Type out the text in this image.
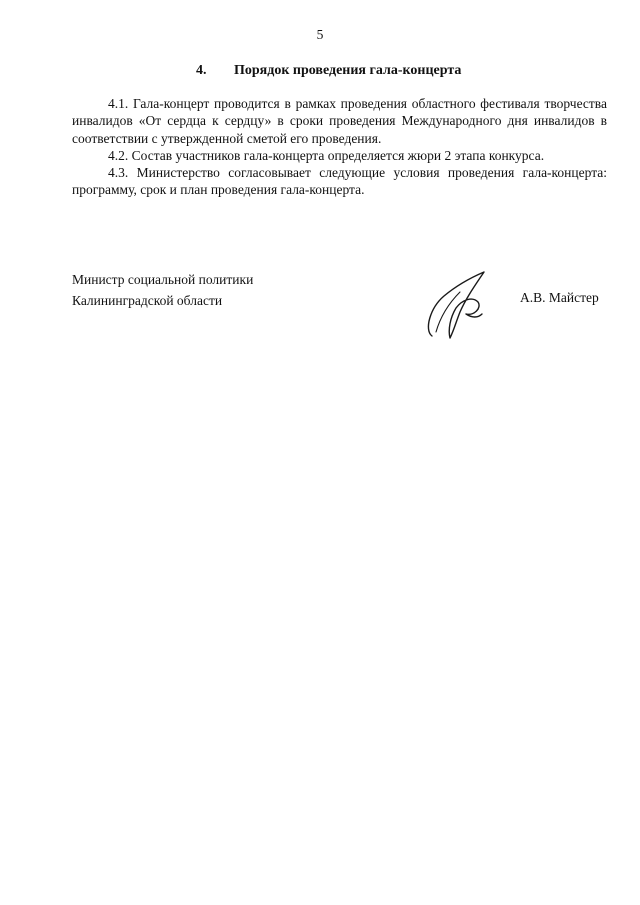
5
4. Порядок проведения гала-концерта

4.1. Гала-концерт проводится в рамках проведения областного фестиваля творчества инвалидов «От сердца к сердцу» в сроки проведения Международного дня инвалидов в соответствии с утвержденной сметой его проведения.

4.2. Состав участников гала-концерта определяется жюри 2 этапа конкурса.

4.3. Министерство согласовывает следующие условия проведения гала-концерта: программу, срок и план проведения гала-концерта.

Министр социальной политики
Калининградской области	А.В. Майстер
